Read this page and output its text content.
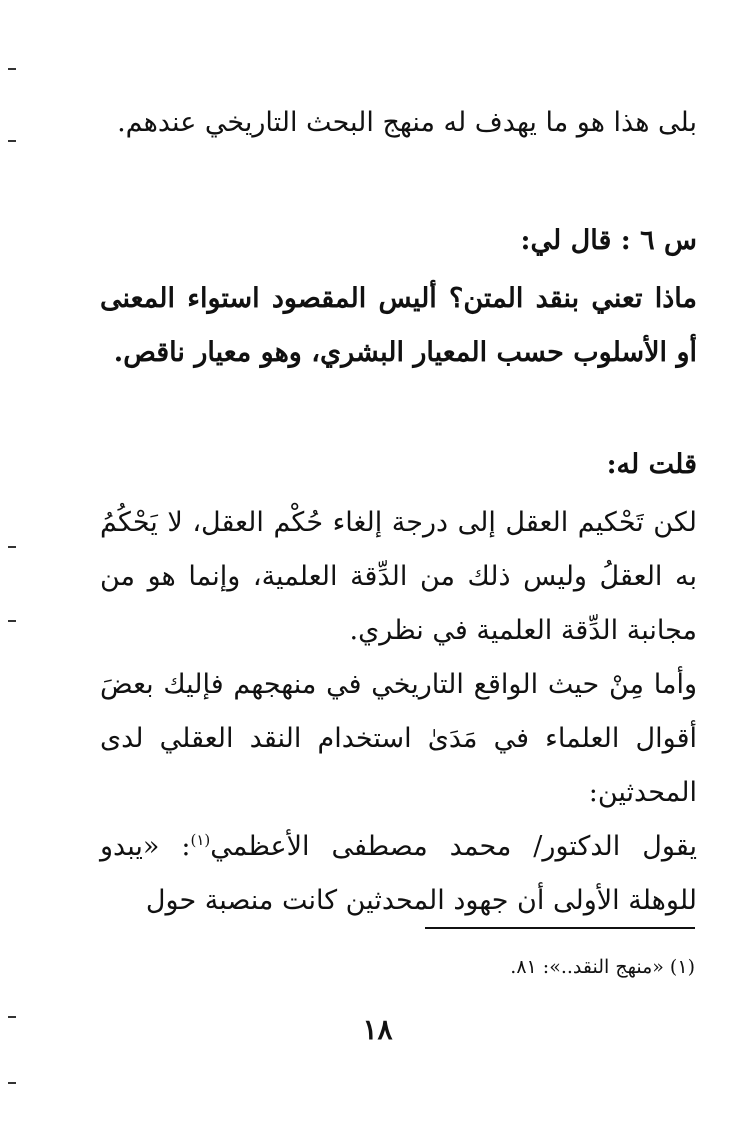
بلى هذا هو ما يهدف له منهج البحث التاريخي عندهم.

س ٦ : قال لي:

ماذا تعني بنقد المتن؟ أليس المقصود استواء المعنى أو الأسلوب حسب المعيار البشري، وهو معيار ناقص.

قلت له:

لكن تَحْكيم العقل إلى درجة إلغاء حُكْم العقل، لا يَحْكُمُ به العقلُ وليس ذلك من الدِّقة العلمية، وإنما هو من مجانبة الدِّقة العلمية في نظري.

وأما مِنْ حيث الواقع التاريخي في منهجهم فإليك بعضَ أقوال العلماء في مَدَىٰ استخدام النقد العقلي لدى المحدثين:

يقول الدكتور/ محمد مصطفى الأعظمي$^{(١)}$: «يبدو للوهلة الأولى أن جهود المحدثين كانت منصبة حول

(١) «منهج النقد..»: ٨١.
١٨
